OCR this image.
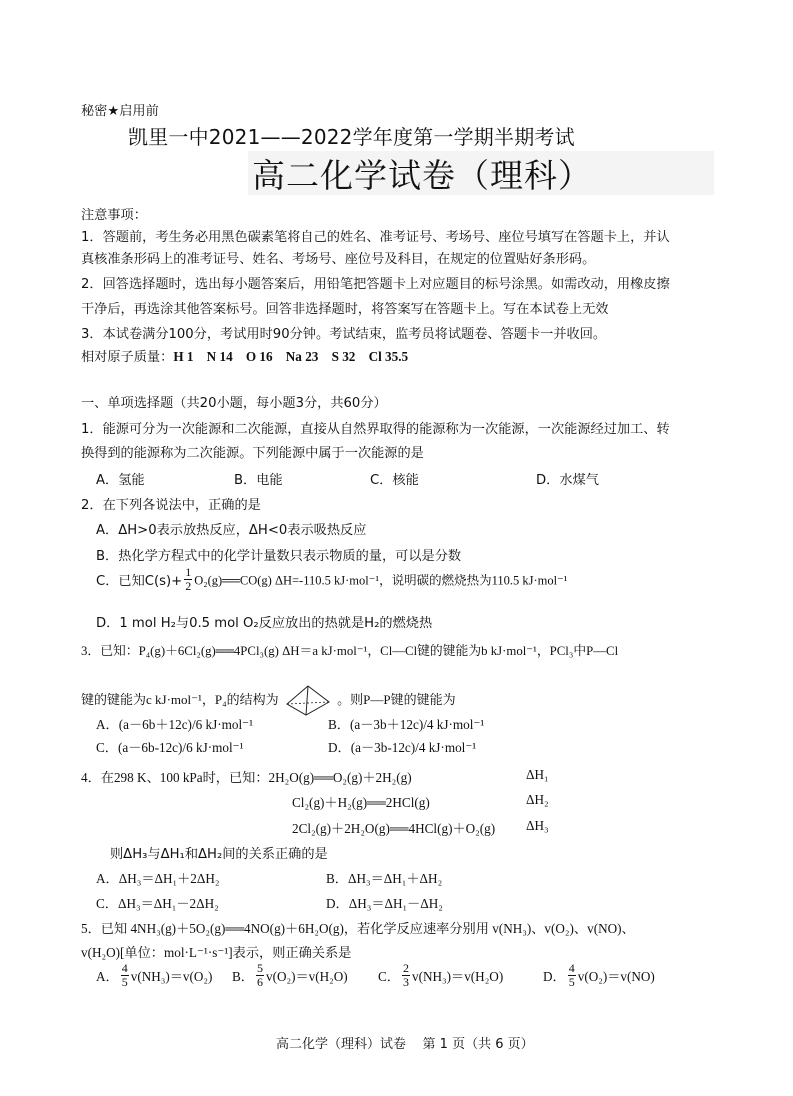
秘密★启用前
凯里一中2021——2022学年度第一学期半期考试
高二化学试卷（理科）
注意事项：
1．答题前，考生务必用黑色碳素笔将自己的姓名、准考证号、考场号、座位号填写在答题卡上，并认
真核准条形码上的准考证号、姓名、考场号、座位号及科目，在规定的位置贴好条形码。
2．回答选择题时，选出每小题答案后，用铅笔把答题卡上对应题目的标号涂黑。如需改动，用橡皮擦
干净后，再选涂其他答案标号。回答非选择题时，将答案写在答题卡上。写在本试卷上无效
3．本试卷满分100分，考试用时90分钟。考试结束，监考员将试题卷、答题卡一并收回。
相对原子质量：H 1    N 14    O 16    Na 23    S 32    Cl 35.5
一、单项选择题（共20小题，每小题3分，共60分）
1．能源可分为一次能源和二次能源，直接从自然界取得的能源称为一次能源，一次能源经过加工、转
换得到的能源称为二次能源。下列能源中属于一次能源的是
A．氢能	B．电能	C．核能	D．水煤气
2．在下列各说法中，正确的是
A．ΔH>0表示放热反应，ΔH<0表示吸热反应
B．热化学方程式中的化学计量数只表示物质的量，可以是分数
C．已知$C(s)+ \frac{1}{2}$ O₂(g)══CO(g) ΔH=-110.5 kJ·mol⁻¹，说明碳的燃烧热为110.5 kJ·mol⁻¹
D．1 mol H₂与0.5 mol O₂反应放出的热就是H₂的燃烧热
3．已知：P₄(g)＋6Cl₂(g)══4PCl₃(g) ΔH＝a kJ·mol⁻¹，Cl—Cl键的键能为b kJ·mol⁻¹，PCl₃中P—Cl
键的键能为c kJ·mol⁻¹，P₄的结构为	。则P—P键的键能为
A．(a－6b＋12c)/6 kJ·mol⁻¹	B．(a－3b＋12c)/4 kJ·mol⁻¹
C．(a－6b-12c)/6 kJ·mol⁻¹	D．(a－3b-12c)/4 kJ·mol⁻¹
4．在298 K、100 kPa时，已知：2H₂O(g)══O₂(g)＋2H₂(g)	ΔH₁
Cl₂(g)＋H₂(g)══2HCl(g)	ΔH₂
2Cl₂(g)＋2H₂O(g)══4HCl(g)＋O₂(g) ΔH₃
则ΔH₃与ΔH₁和ΔH₂间的关系正确的是
A．ΔH₃＝ΔH₁＋2ΔH₂	B．ΔH₃＝ΔH₁＋ΔH₂
C．ΔH₃＝ΔH₁－2ΔH₂	D．ΔH₃＝ΔH₁－ΔH₂
5．已知 4NH₃(g)＋5O₂(g)══4NO(g)＋6H₂O(g)，若化学反应速率分别用 v(NH₃)、v(O₂)、v(NO)、
v(H₂O)[单位：mol·L⁻¹·s⁻¹]表示，则正确关系是
A． $\frac{4}{5} v(NH_3)=v(O_2)$ B． $\frac{5}{6} v(O_2)=v(H_2O)$ C． $\frac{2}{3} v(NH_3)=v(H_2O)$	D． $\frac{4}{5} v(O_2)=v(NO)$
高二化学（理科）试卷    第 1 页（共 6 页）
